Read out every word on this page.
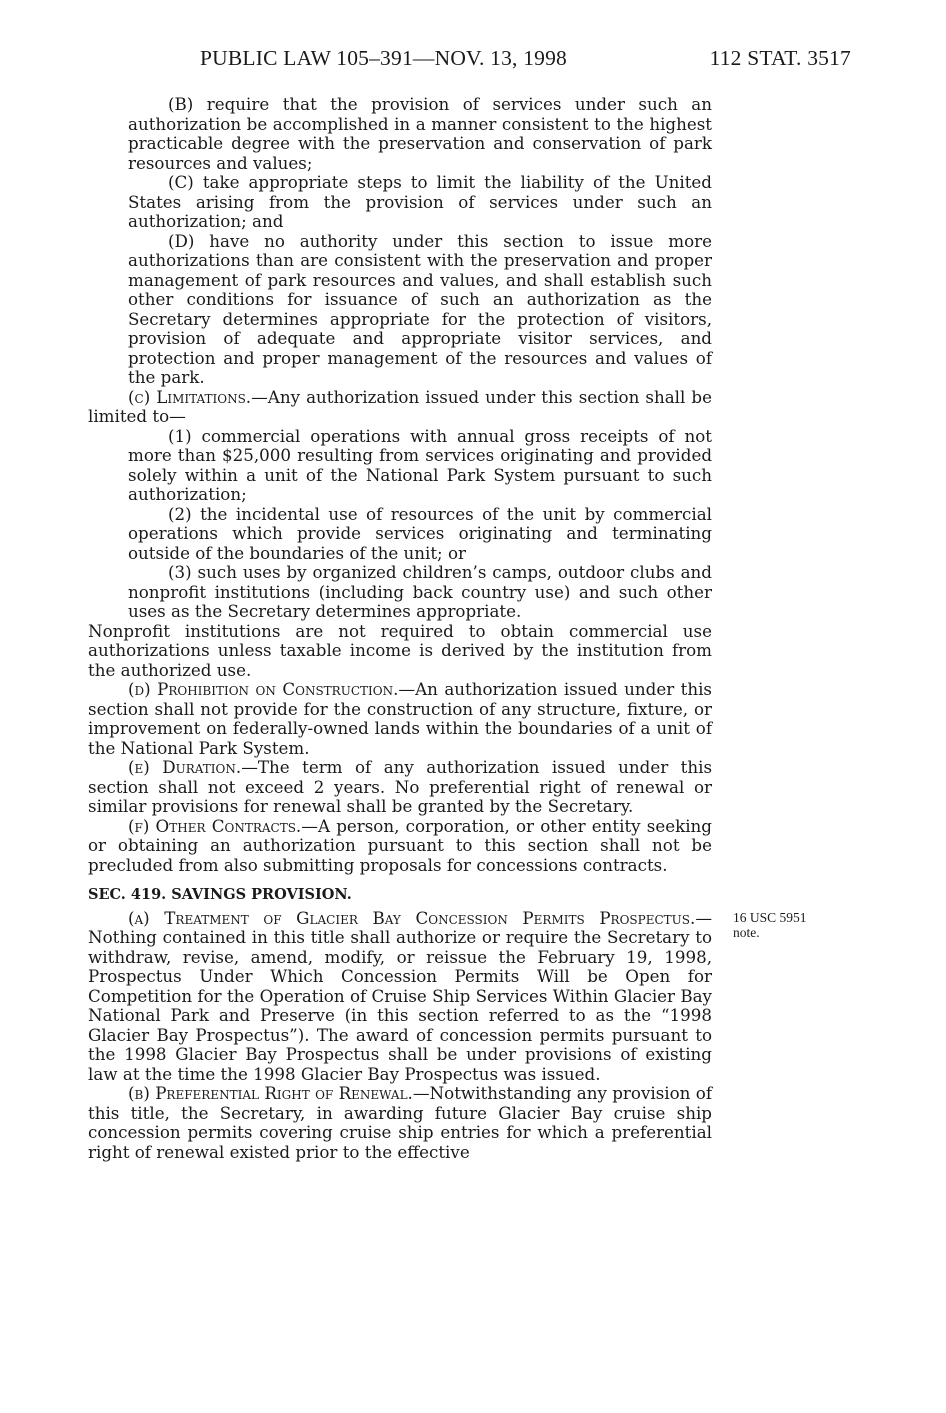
PUBLIC LAW 105–391—NOV. 13, 1998	112 STAT. 3517

(B) require that the provision of services under such an authorization be accomplished in a manner consistent to the highest practicable degree with the preservation and conservation of park resources and values;

(C) take appropriate steps to limit the liability of the United States arising from the provision of services under such an authorization; and

(D) have no authority under this section to issue more authorizations than are consistent with the preservation and proper management of park resources and values, and shall establish such other conditions for issuance of such an authorization as the Secretary determines appropriate for the protection of visitors, provision of adequate and appropriate visitor services, and protection and proper management of the resources and values of the park.

(c) Limitations.—Any authorization issued under this section shall be limited to—

(1) commercial operations with annual gross receipts of not more than $25,000 resulting from services originating and provided solely within a unit of the National Park System pursuant to such authorization;

(2) the incidental use of resources of the unit by commercial operations which provide services originating and terminating outside of the boundaries of the unit; or

(3) such uses by organized children’s camps, outdoor clubs and nonprofit institutions (including back country use) and such other uses as the Secretary determines appropriate.

Nonprofit institutions are not required to obtain commercial use authorizations unless taxable income is derived by the institution from the authorized use.

(d) Prohibition on Construction.—An authorization issued under this section shall not provide for the construction of any structure, fixture, or improvement on federally-owned lands within the boundaries of a unit of the National Park System.

(e) Duration.—The term of any authorization issued under this section shall not exceed 2 years. No preferential right of renewal or similar provisions for renewal shall be granted by the Secretary.

(f) Other Contracts.—A person, corporation, or other entity seeking or obtaining an authorization pursuant to this section shall not be precluded from also submitting proposals for concessions contracts.

SEC. 419. SAVINGS PROVISION.

(a) Treatment of Glacier Bay Concession Permits Prospectus.—Nothing contained in this title shall authorize or require the Secretary to withdraw, revise, amend, modify, or reissue the February 19, 1998, Prospectus Under Which Concession Permits Will be Open for Competition for the Operation of Cruise Ship Services Within Glacier Bay National Park and Preserve (in this section referred to as the “1998 Glacier Bay Prospectus”). The award of concession permits pursuant to the 1998 Glacier Bay Prospectus shall be under provisions of existing law at the time the 1998 Glacier Bay Prospectus was issued.

(b) Preferential Right of Renewal.—Notwithstanding any provision of this title, the Secretary, in awarding future Glacier Bay cruise ship concession permits covering cruise ship entries for which a preferential right of renewal existed prior to the effective

16 USC 5951
note.
